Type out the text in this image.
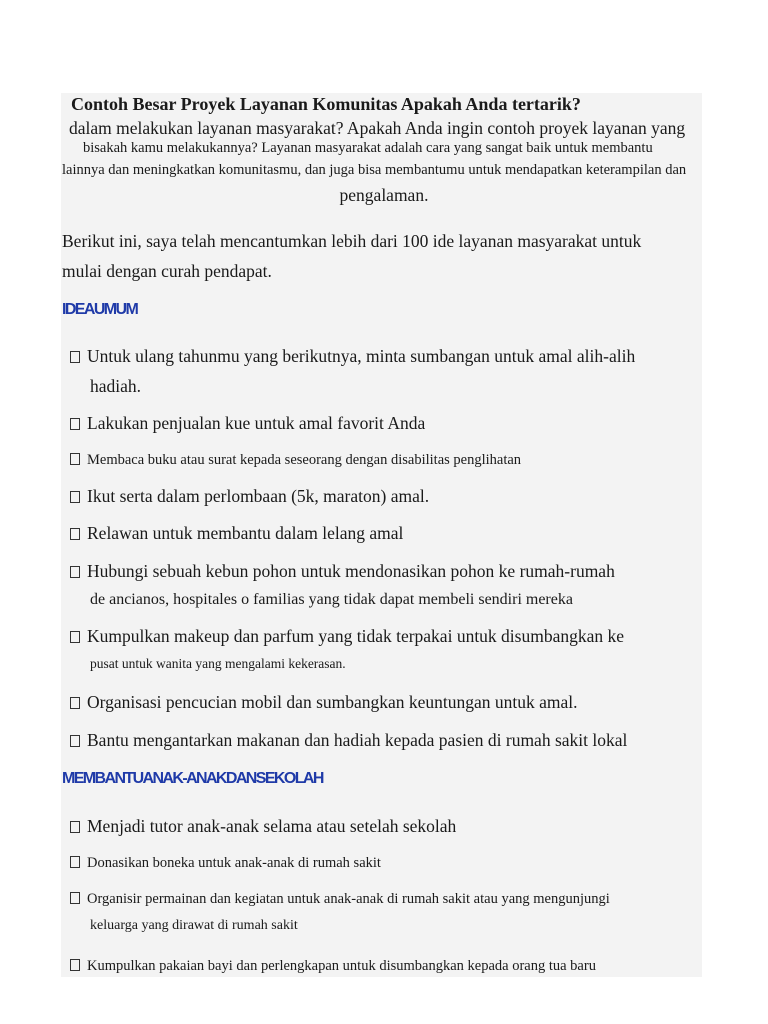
Contoh Besar Proyek Layanan Komunitas Apakah Anda tertarik?
dalam melakukan layanan masyarakat? Apakah Anda ingin contoh proyek layanan yang
bisakah kamu melakukannya? Layanan masyarakat adalah cara yang sangat baik untuk membantu
lainnya dan meningkatkan komunitasmu, dan juga bisa membantumu untuk mendapatkan keterampilan dan
pengalaman.
Berikut ini, saya telah mencantumkan lebih dari 100 ide layanan masyarakat untuk
mulai dengan curah pendapat.
IDEAUMUM
Untuk ulang tahunmu yang berikutnya, minta sumbangan untuk amal alih-alih
hadiah.
Lakukan penjualan kue untuk amal favorit Anda
Membaca buku atau surat kepada seseorang dengan disabilitas penglihatan
Ikut serta dalam perlombaan (5k, maraton) amal.
Relawan untuk membantu dalam lelang amal
Hubungi sebuah kebun pohon untuk mendonasikan pohon ke rumah-rumah
de ancianos, hospitales o familias yang tidak dapat membeli sendiri mereka
Kumpulkan makeup dan parfum yang tidak terpakai untuk disumbangkan ke
pusat untuk wanita yang mengalami kekerasan.
Organisasi pencucian mobil dan sumbangkan keuntungan untuk amal.
Bantu mengantarkan makanan dan hadiah kepada pasien di rumah sakit lokal
MEMBANTUANAK-ANAKDANSEKOLAH
Menjadi tutor anak-anak selama atau setelah sekolah
Donasikan boneka untuk anak-anak di rumah sakit
Organisir permainan dan kegiatan untuk anak-anak di rumah sakit atau yang mengunjungi
keluarga yang dirawat di rumah sakit
Kumpulkan pakaian bayi dan perlengkapan untuk disumbangkan kepada orang tua baru
